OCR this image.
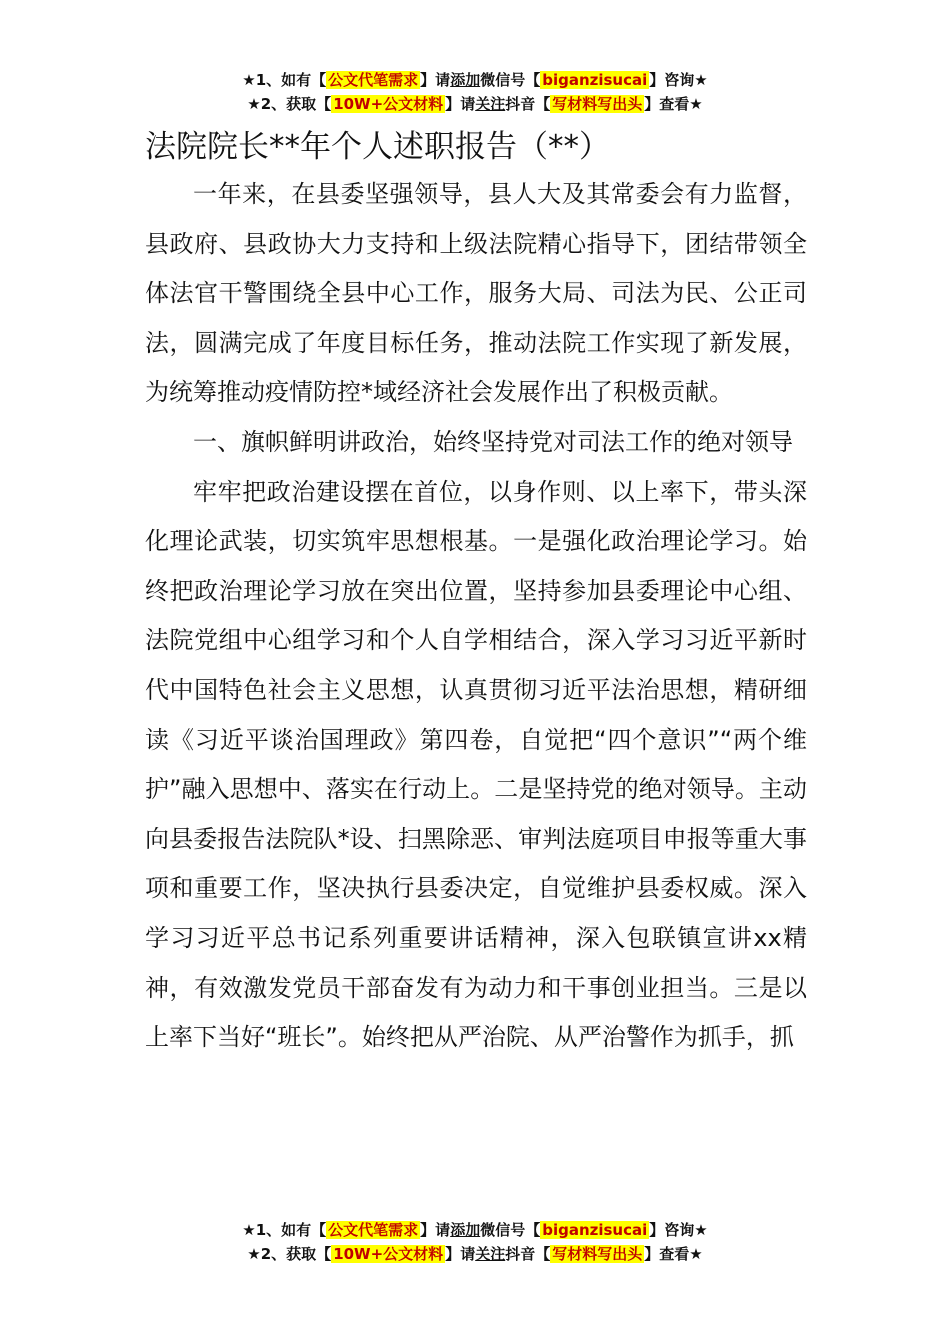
★1、如有【 公文代笔需求 】请添加微信号【 biganzisucai 】咨询★
★2、获取【 10W+公文材料 】请关注抖音【 写材料写出头 】查看★
法院院长**年个人述职报告（**）

一年来，在县委坚强领导，县人大及其常委会有力监督，县政府、县政协大力支持和上级法院精心指导下，团结带领全体法官干警围绕全县中心工作，服务大局、司法为民、公正司法，圆满完成了年度目标任务，推动法院工作实现了新发展，为统筹推动疫情防控*域经济社会发展作出了积极贡献。

一、旗帜鲜明讲政治，始终坚持党对司法工作的绝对领导

牢牢把政治建设摆在首位，以身作则、以上率下，带头深化理论武装，切实筑牢思想根基。一是强化政治理论学习。始终把政治理论学习放在突出位置，坚持参加县委理论中心组、法院党组中心组学习和个人自学相结合，深入学习习近平新时代中国特色社会主义思想，认真贯彻习近平法治思想，精研细读《习近平谈治国理政》第四卷，自觉把“四个意识”“两个维护”融入思想中、落实在行动上。二是坚持党的绝对领导。主动向县委报告法院队*设、扫黑除恶、审判法庭项目申报等重大事项和重要工作，坚决执行县委决定，自觉维护县委权威。深入学习习近平总书记系列重要讲话精神，深入包联镇宣讲xx精神，有效激发党员干部奋发有为动力和干事创业担当。三是以上率下当好“班长”。始终把从严治院、从严治警作为抓手，抓

★1、如有【 公文代笔需求 】请添加微信号【 biganzisucai 】咨询★
★2、获取【 10W+公文材料 】请关注抖音【 写材料写出头 】查看★
